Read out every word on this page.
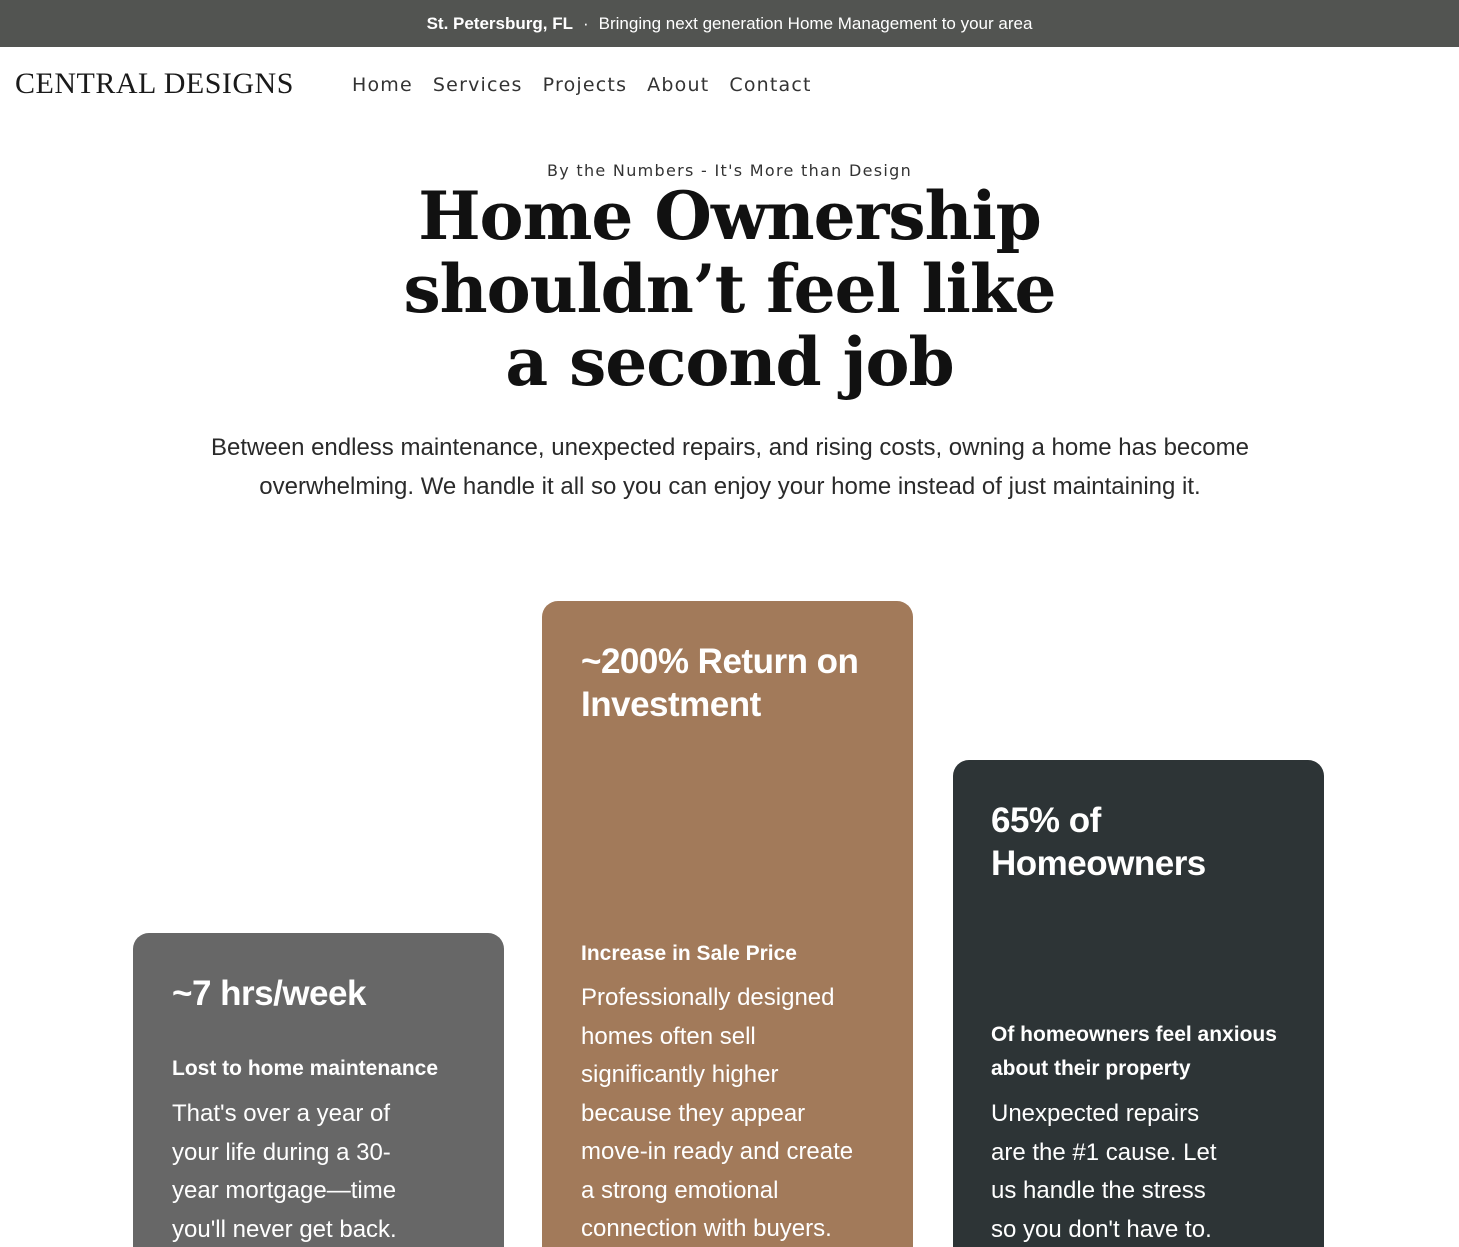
St. Petersburg, FL · Bringing next generation Home Management to your area
CENTRAL DESIGNS	Home Services Projects About Contact
By the Numbers - It's More than Design
Home Ownership
shouldn’t feel like
a second job

Between endless maintenance, unexpected repairs, and rising costs, owning a home has become
overwhelming. We handle it all so you can enjoy your home instead of just maintaining it.

~7 hrs/week
Lost to home maintenance
That's over a year of
your life during a 30-
year mortgage—time
you'll never get back.
~200% Return on
Investment
Increase in Sale Price
Professionally designed
homes often sell
significantly higher
because they appear
move-in ready and create
a strong emotional
connection with buyers.
65% of
Homeowners
Of homeowners feel anxious
about their property
Unexpected repairs
are the #1 cause. Let
us handle the stress
so you don't have to.
